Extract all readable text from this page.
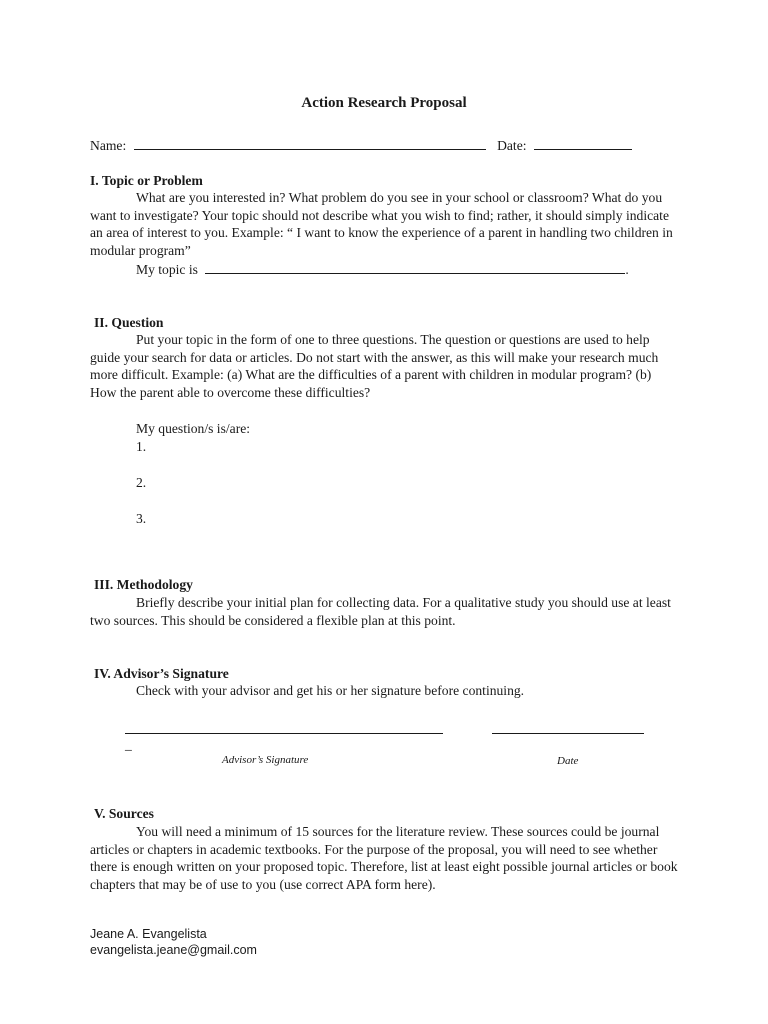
Action Research Proposal
Name:	Date:
I. Topic or Problem
What are you interested in? What problem do you see in your school or classroom? What do you want to investigate? Your topic should not describe what you wish to find; rather, it should simply indicate an area of interest to you. Example: “ I want to know the experience of a parent in handling two children in modular program”
My topic is	.
II. Question
Put your topic in the form of one to three questions. The question or questions are used to help guide your search for data or articles. Do not start with the answer, as this will make your research much more difficult. Example: (a) What are the difficulties of a parent with children in modular program? (b) How the parent able to overcome these difficulties?
My question/s is/are:
1.
2.
3.
III. Methodology
Briefly describe your initial plan for collecting data. For a qualitative study you should use at least two sources. This should be considered a flexible plan at this point.
IV. Advisor’s Signature
Check with your advisor and get his or her signature before continuing.
_
Advisor’s Signature	Date
V. Sources
You will need a minimum of 15 sources for the literature review. These sources could be journal articles or chapters in academic textbooks. For the purpose of the proposal, you will need to see whether there is enough written on your proposed topic. Therefore, list at least eight possible journal articles or book chapters that may be of use to you (use correct APA form here).
Jeane A. Evangelista
evangelista.jeane@gmail.com
